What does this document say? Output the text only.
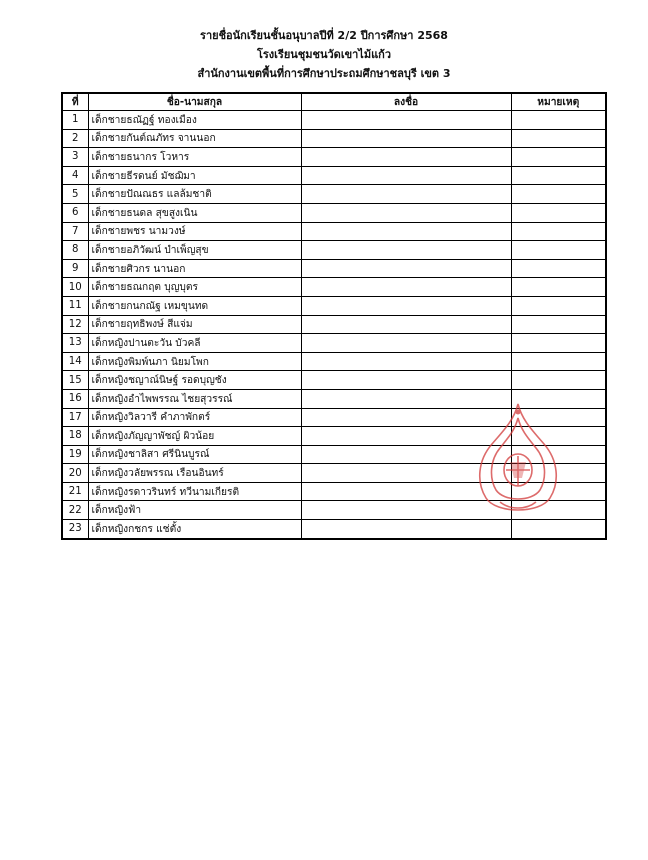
รายชื่อนักเรียนชั้นอนุบาลปีที่ 2/2 ปีการศึกษา 2568
โรงเรียนชุมชนวัดเขาไม้แก้ว
สำนักงานเขตพื้นที่การศึกษาประถมศึกษาชลบุรี เขต 3
ที่	ชื่อ-นามสกุล	ลงชื่อ	หมายเหตุ
1	เด็กชายธณัฏฐ์ ทองเมือง		
2	เด็กชายกันต์ณภัทร จานนอก		
3	เด็กชายธนากร โวหาร		
4	เด็กชายธีรดนย์ มัชฌิมา		
5	เด็กชายปัณณธร แลล้มชาติ		
6	เด็กชายธนดล สุขสูงเนิน		
7	เด็กชายพชร นามวงษ์		
8	เด็กชายอภิวัฒน์ บำเพ็ญสุข		
9	เด็กชายศิวกร นานอก		
10	เด็กชายธณกฤต บุญบุตร		
11	เด็กชายกนกณัฐ เหมขุนทด		
12	เด็กชายฤทธิพงษ์ สีแจ่ม		
13	เด็กหญิงปานตะวัน บัวคลี		
14	เด็กหญิงพิมพ์นภา นิยมโพก		
15	เด็กหญิงชญาณ์นิษฐ์ รอดบุญชัง		
16	เด็กหญิงอำไพพรรณ ไชยสุวรรณ์		
17	เด็กหญิงวิลวารี คำภาพักตร์		
18	เด็กหญิงภัญญาพัชญ์ ผิวน้อย		
19	เด็กหญิงชาลิสา ศรีนินบูรณ์		
20	เด็กหญิงวลัยพรรณ เรือนอินทร์		
21	เด็กหญิงรดาวรินทร์ ทวีนามเกียรติ		
22	เด็กหญิงฟ้า		
23	เด็กหญิงกชกร แช่ตั้ง		
